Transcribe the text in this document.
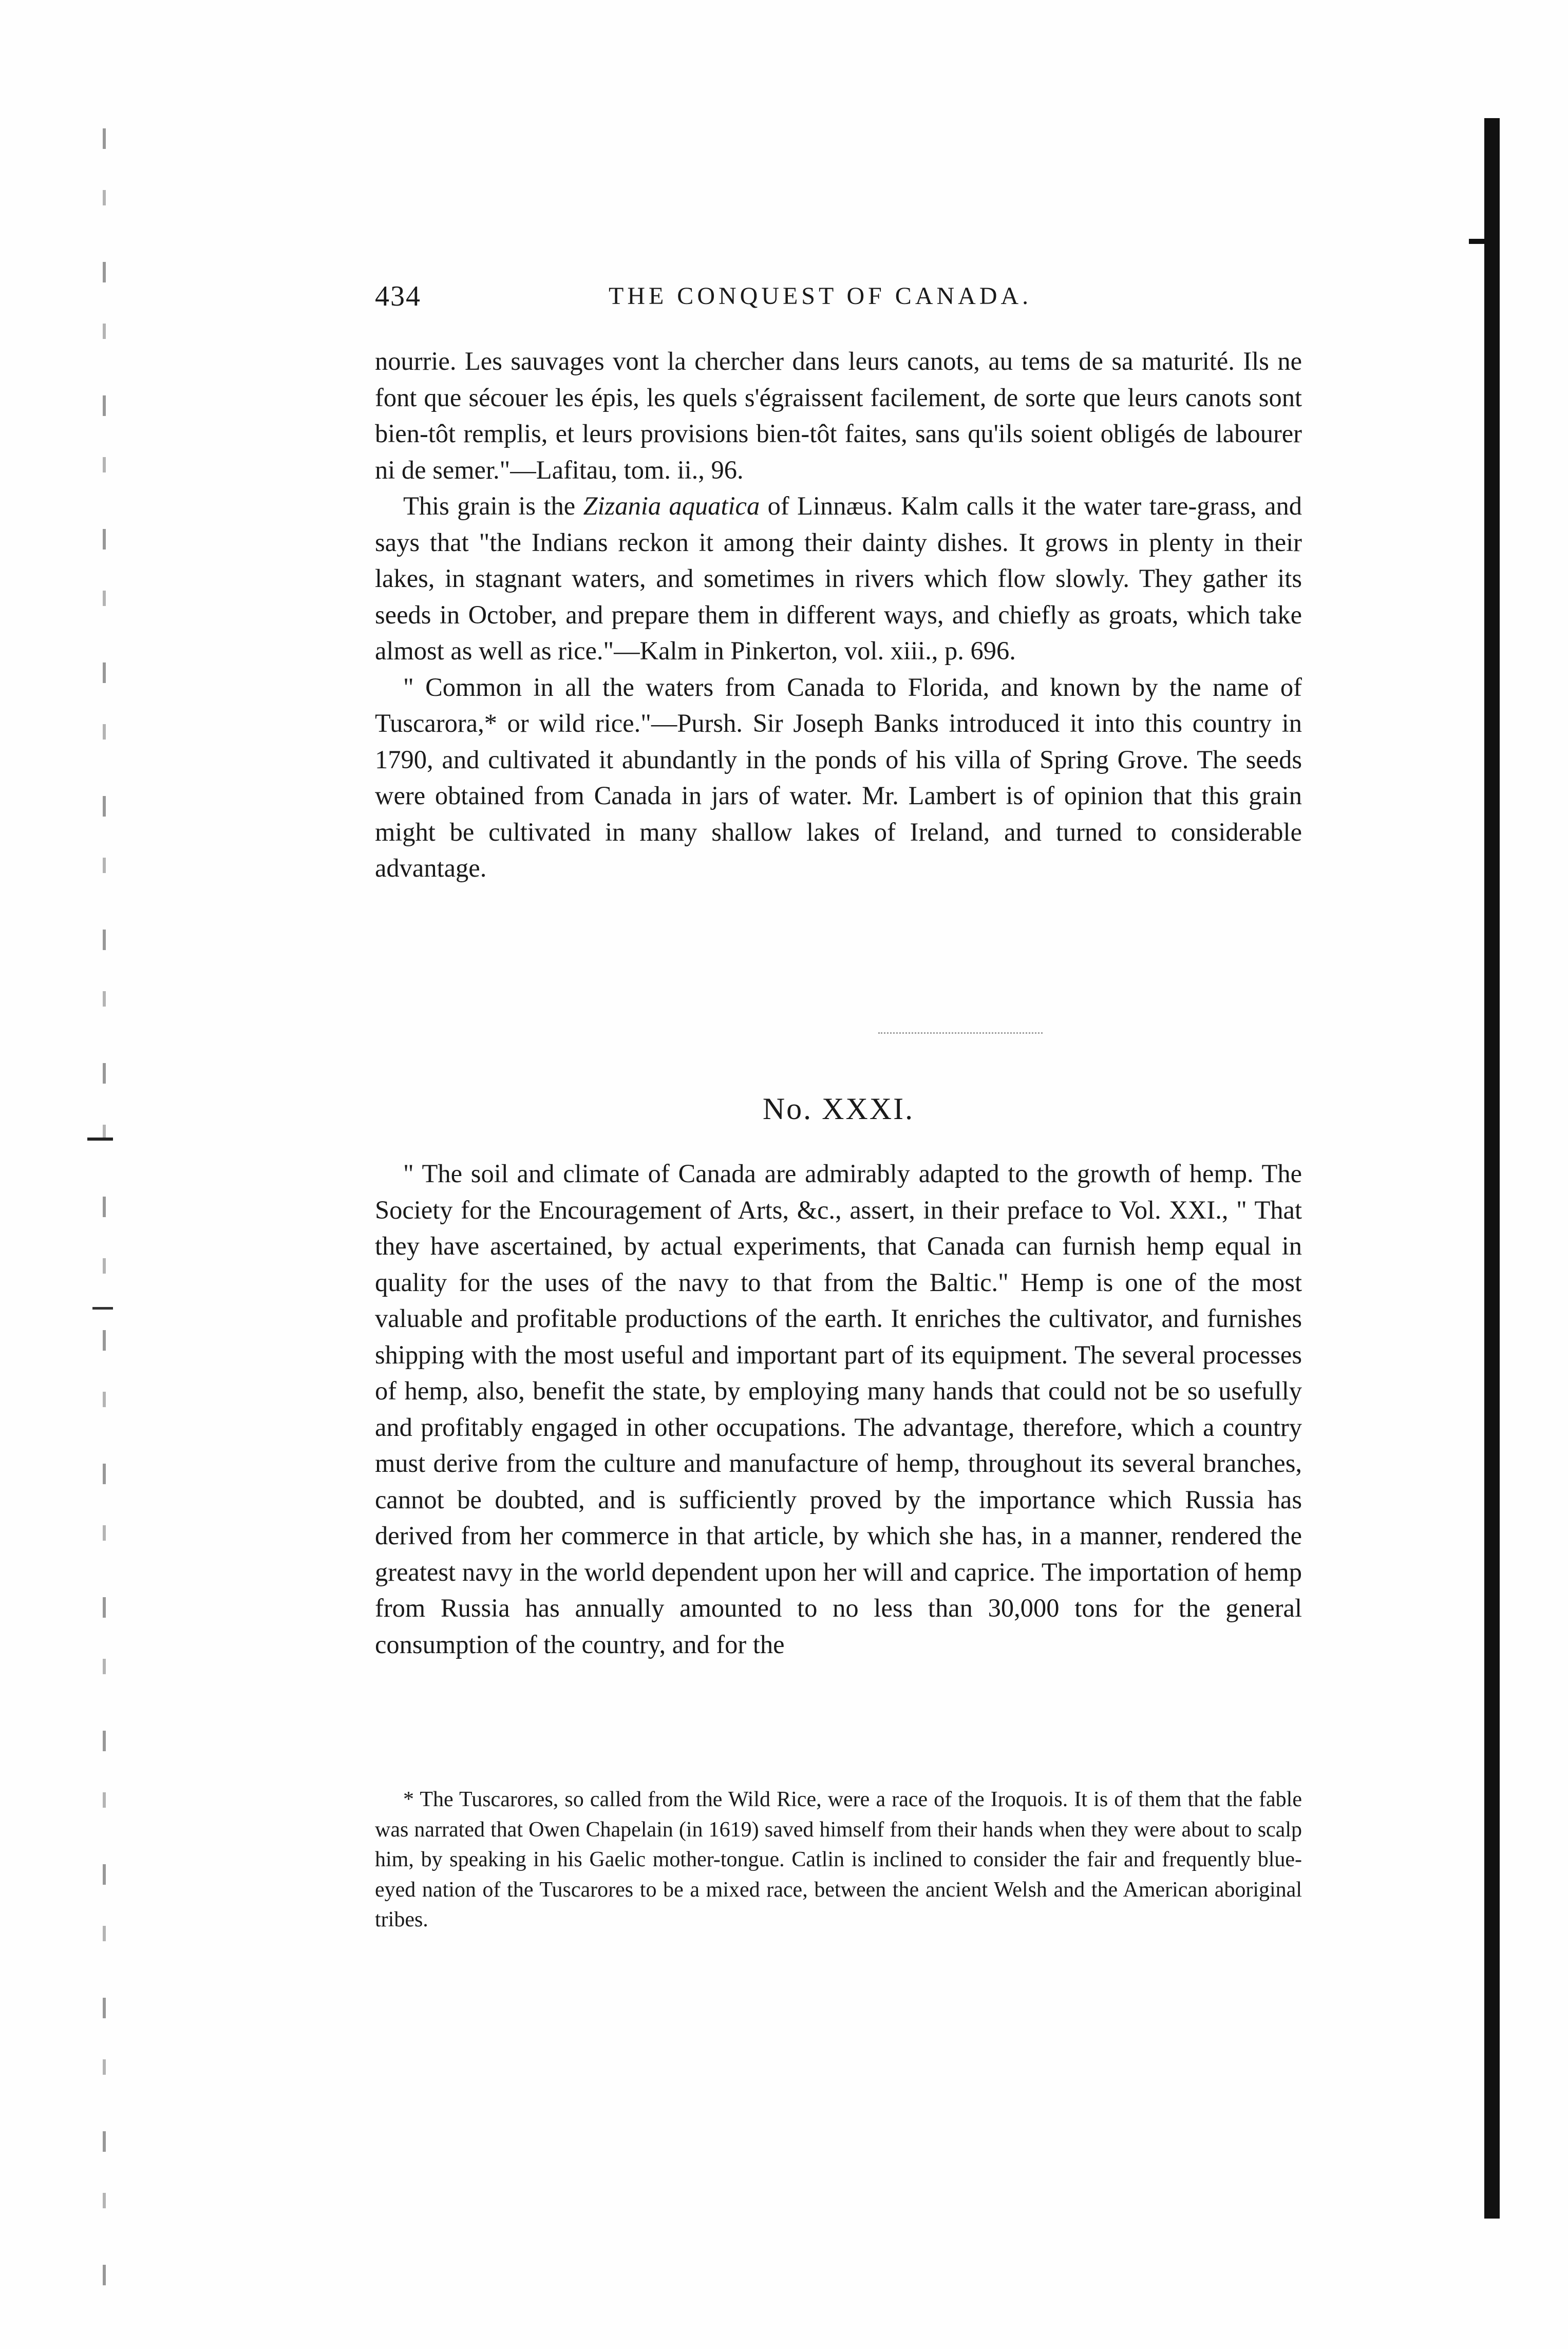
434	THE CONQUEST OF CANADA.

nourrie. Les sauvages vont la chercher dans leurs canots, au tems de sa maturité. Ils ne font que sécouer les épis, les quels s'égraissent facilement, de sorte que leurs canots sont bien-tôt remplis, et leurs provisions bien-tôt faites, sans qu'ils soient obligés de labourer ni de semer."—Lafitau, tom. ii., 96.

This grain is the Zizania aquatica of Linnæus. Kalm calls it the water tare-grass, and says that "the Indians reckon it among their dainty dishes. It grows in plenty in their lakes, in stagnant waters, and sometimes in rivers which flow slowly. They gather its seeds in October, and prepare them in different ways, and chiefly as groats, which take almost as well as rice."—Kalm in Pinkerton, vol. xiii., p. 696.

" Common in all the waters from Canada to Florida, and known by the name of Tuscarora,* or wild rice."—Pursh. Sir Joseph Banks introduced it into this country in 1790, and cultivated it abundantly in the ponds of his villa of Spring Grove. The seeds were obtained from Canada in jars of water. Mr. Lambert is of opinion that this grain might be cultivated in many shallow lakes of Ireland, and turned to considerable advantage.

No. XXXI.

" The soil and climate of Canada are admirably adapted to the growth of hemp. The Society for the Encouragement of Arts, &c., assert, in their preface to Vol. XXI., " That they have ascertained, by actual experiments, that Canada can furnish hemp equal in quality for the uses of the navy to that from the Baltic." Hemp is one of the most valuable and profitable productions of the earth. It enriches the cultivator, and furnishes shipping with the most useful and important part of its equipment. The several processes of hemp, also, benefit the state, by employing many hands that could not be so usefully and profitably engaged in other occupations. The advantage, therefore, which a country must derive from the culture and manufacture of hemp, throughout its several branches, cannot be doubted, and is sufficiently proved by the importance which Russia has derived from her commerce in that article, by which she has, in a manner, rendered the greatest navy in the world dependent upon her will and caprice. The importation of hemp from Russia has annually amounted to no less than 30,000 tons for the general consumption of the country, and for the

* The Tuscarores, so called from the Wild Rice, were a race of the Iroquois. It is of them that the fable was narrated that Owen Chapelain (in 1619) saved himself from their hands when they were about to scalp him, by speaking in his Gaelic mother-tongue. Catlin is inclined to consider the fair and frequently blue-eyed nation of the Tuscarores to be a mixed race, between the ancient Welsh and the American aboriginal tribes.
